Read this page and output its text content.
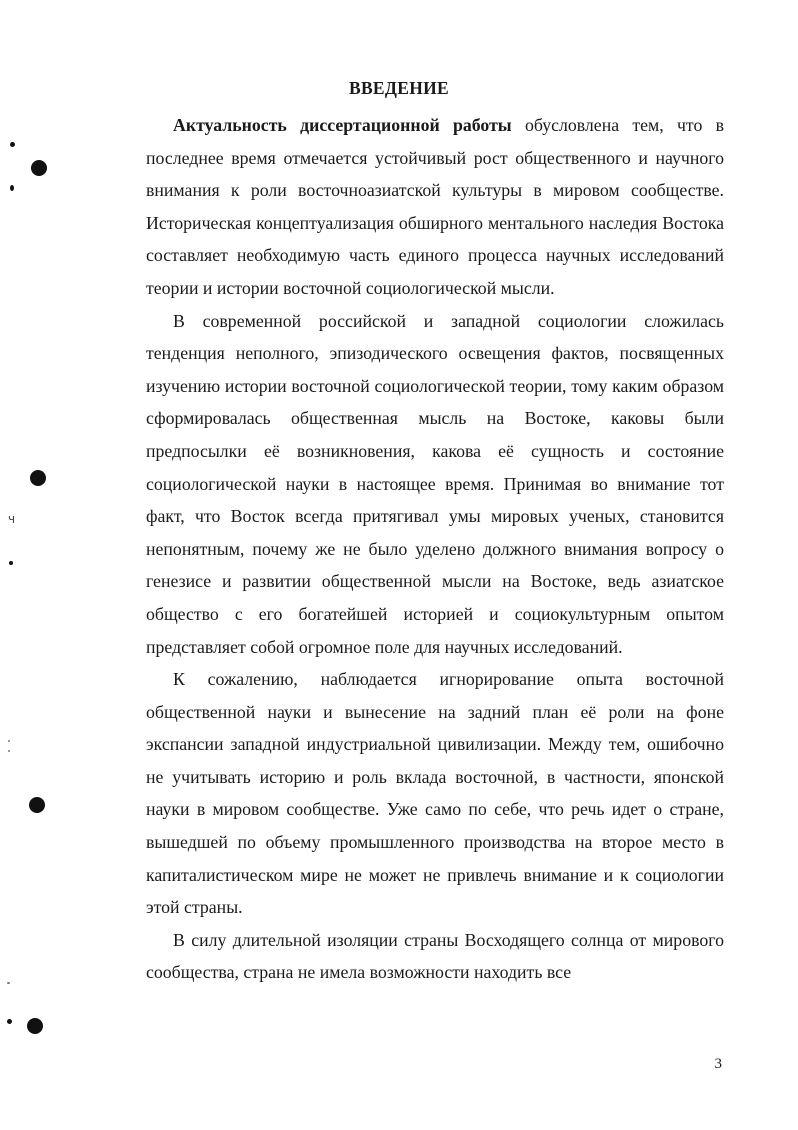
ч
ВВЕДЕНИЕ

Актуальность диссертационной работы обусловлена тем, что в последнее время отмечается устойчивый рост общественного и научного внимания к роли восточноазиатской культуры в мировом сообществе. Историческая концептуализация обширного ментального наследия Востока составляет необходимую часть единого процесса научных исследований теории и истории восточной социологической мысли.

В современной российской и западной социологии сложилась тенденция неполного, эпизодического освещения фактов, посвященных изучению истории восточной социологической теории, тому каким образом сформировалась общественная мысль на Востоке, каковы были предпосылки её возникновения, какова её сущность и состояние социологической науки в настоящее время. Принимая во внимание тот факт, что Восток всегда притягивал умы мировых ученых, становится непонятным, почему же не было уделено должного внимания вопросу о генезисе и развитии общественной мысли на Востоке, ведь азиатское общество с его богатейшей историей и социокультурным опытом представляет собой огромное поле для научных исследований.

К сожалению, наблюдается игнорирование опыта восточной общественной науки и вынесение на задний план её роли на фоне экспансии западной индустриальной цивилизации. Между тем, ошибочно не учитывать историю и роль вклада восточной, в частности, японской науки в мировом сообществе. Уже само по себе, что речь идет о стране, вышедшей по объему промышленного производства на второе место в капиталистическом мире не может не привлечь внимание и к социологии этой страны.

В силу длительной изоляции страны Восходящего солнца от мирового сообщества, страна не имела возможности находить все

3
